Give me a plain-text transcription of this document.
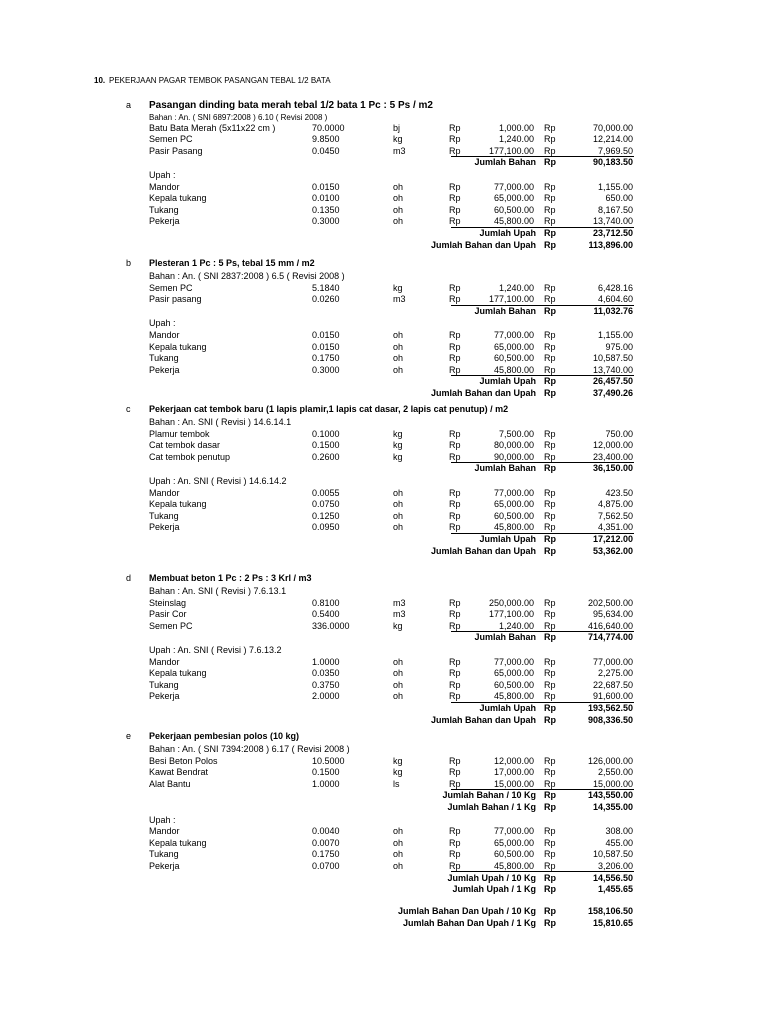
10. PEKERJAAN PAGAR TEMBOK PASANGAN TEBAL 1/2 BATA
a Pasangan dinding bata merah tebal 1/2 bata 1 Pc : 5 Ps / m2
Bahan : An. ( SNI 6897:2008 ) 6.10 ( Revisi 2008 )
Batu Bata Merah (5x11x22 cm )	70.0000	bj	Rp	1,000.00 Rp	70,000.00
Semen PC	9.8500	kg	Rp	1,240.00 Rp	12,214.00
Pasir Pasang	0.0450	m3	Rp	177,100.00 Rp	7,969.50
Jumlah Bahan Rp	90,183.50
Upah :
Mandor	0.0150	oh	Rp	77,000.00 Rp	1,155.00
Kepala tukang	0.0100	oh	Rp	65,000.00 Rp	650.00
Tukang	0.1350	oh	Rp	60,500.00 Rp	8,167.50
Pekerja	0.3000	oh	Rp	45,800.00 Rp	13,740.00
Jumlah Upah Rp	23,712.50
Jumlah Bahan dan Upah Rp	113,896.00
b Plesteran 1 Pc : 5 Ps, tebal 15 mm / m2
Bahan : An. ( SNI 2837:2008 ) 6.5 ( Revisi 2008 )
Semen PC	5.1840	kg	Rp	1,240.00 Rp	6,428.16
Pasir pasang	0.0260	m3	Rp	177,100.00 Rp	4,604.60
Jumlah Bahan Rp	11,032.76
Upah :
Mandor	0.0150	oh	Rp	77,000.00 Rp	1,155.00
Kepala tukang	0.0150	oh	Rp	65,000.00 Rp	975.00
Tukang	0.1750	oh	Rp	60,500.00 Rp	10,587.50
Pekerja	0.3000	oh	Rp	45,800.00 Rp	13,740.00
Jumlah Upah Rp	26,457.50
Jumlah Bahan dan Upah Rp	37,490.26
c Pekerjaan cat tembok baru (1 lapis plamir,1 lapis cat dasar, 2 lapis cat penutup) / m2
Bahan : An. SNI ( Revisi ) 14.6.14.1
Plamur tembok	0.1000	kg	Rp	7,500.00 Rp	750.00
Cat tembok dasar	0.1500	kg	Rp	80,000.00 Rp	12,000.00
Cat tembok penutup	0.2600	kg	Rp	90,000.00 Rp	23,400.00
Jumlah Bahan Rp	36,150.00
Upah : An. SNI ( Revisi ) 14.6.14.2
Mandor	0.0055	oh	Rp	77,000.00 Rp	423.50
Kepala tukang	0.0750	oh	Rp	65,000.00 Rp	4,875.00
Tukang	0.1250	oh	Rp	60,500.00 Rp	7,562.50
Pekerja	0.0950	oh	Rp	45,800.00 Rp	4,351.00
Jumlah Upah Rp	17,212.00
Jumlah Bahan dan Upah Rp	53,362.00
d Membuat beton 1 Pc : 2 Ps : 3 Krl / m3
Bahan : An. SNI ( Revisi ) 7.6.13.1
Steinslag	0.8100	m3	Rp	250,000.00 Rp	202,500.00
Pasir Cor	0.5400	m3	Rp	177,100.00 Rp	95,634.00
Semen PC	336.0000	kg	Rp	1,240.00 Rp	416,640.00
Jumlah Bahan Rp	714,774.00
Upah : An. SNI ( Revisi ) 7.6.13.2
Mandor	1.0000	oh	Rp	77,000.00 Rp	77,000.00
Kepala tukang	0.0350	oh	Rp	65,000.00 Rp	2,275.00
Tukang	0.3750	oh	Rp	60,500.00 Rp	22,687.50
Pekerja	2.0000	oh	Rp	45,800.00 Rp	91,600.00
Jumlah Upah Rp	193,562.50
Jumlah Bahan dan Upah Rp	908,336.50
e Pekerjaan pembesian polos (10 kg)
Bahan : An. ( SNI 7394:2008 ) 6.17 ( Revisi 2008 )
Besi Beton Polos	10.5000	kg	Rp	12,000.00 Rp	126,000.00
Kawat Bendrat	0.1500	kg	Rp	17,000.00 Rp	2,550.00
Alat Bantu	1.0000	ls	Rp	15,000.00 Rp	15,000.00
Jumlah Bahan / 10 Kg Rp	143,550.00
Jumlah Bahan / 1 Kg Rp	14,355.00
Upah :
Mandor	0.0040	oh	Rp	77,000.00 Rp	308.00
Kepala tukang	0.0070	oh	Rp	65,000.00 Rp	455.00
Tukang	0.1750	oh	Rp	60,500.00 Rp	10,587.50
Pekerja	0.0700	oh	Rp	45,800.00 Rp	3,206.00
Jumlah Upah / 10 Kg Rp	14,556.50
Jumlah Upah / 1 Kg Rp	1,455.65
Jumlah Bahan Dan Upah / 10 Kg Rp	158,106.50
Jumlah Bahan Dan Upah / 1 Kg Rp	15,810.65
